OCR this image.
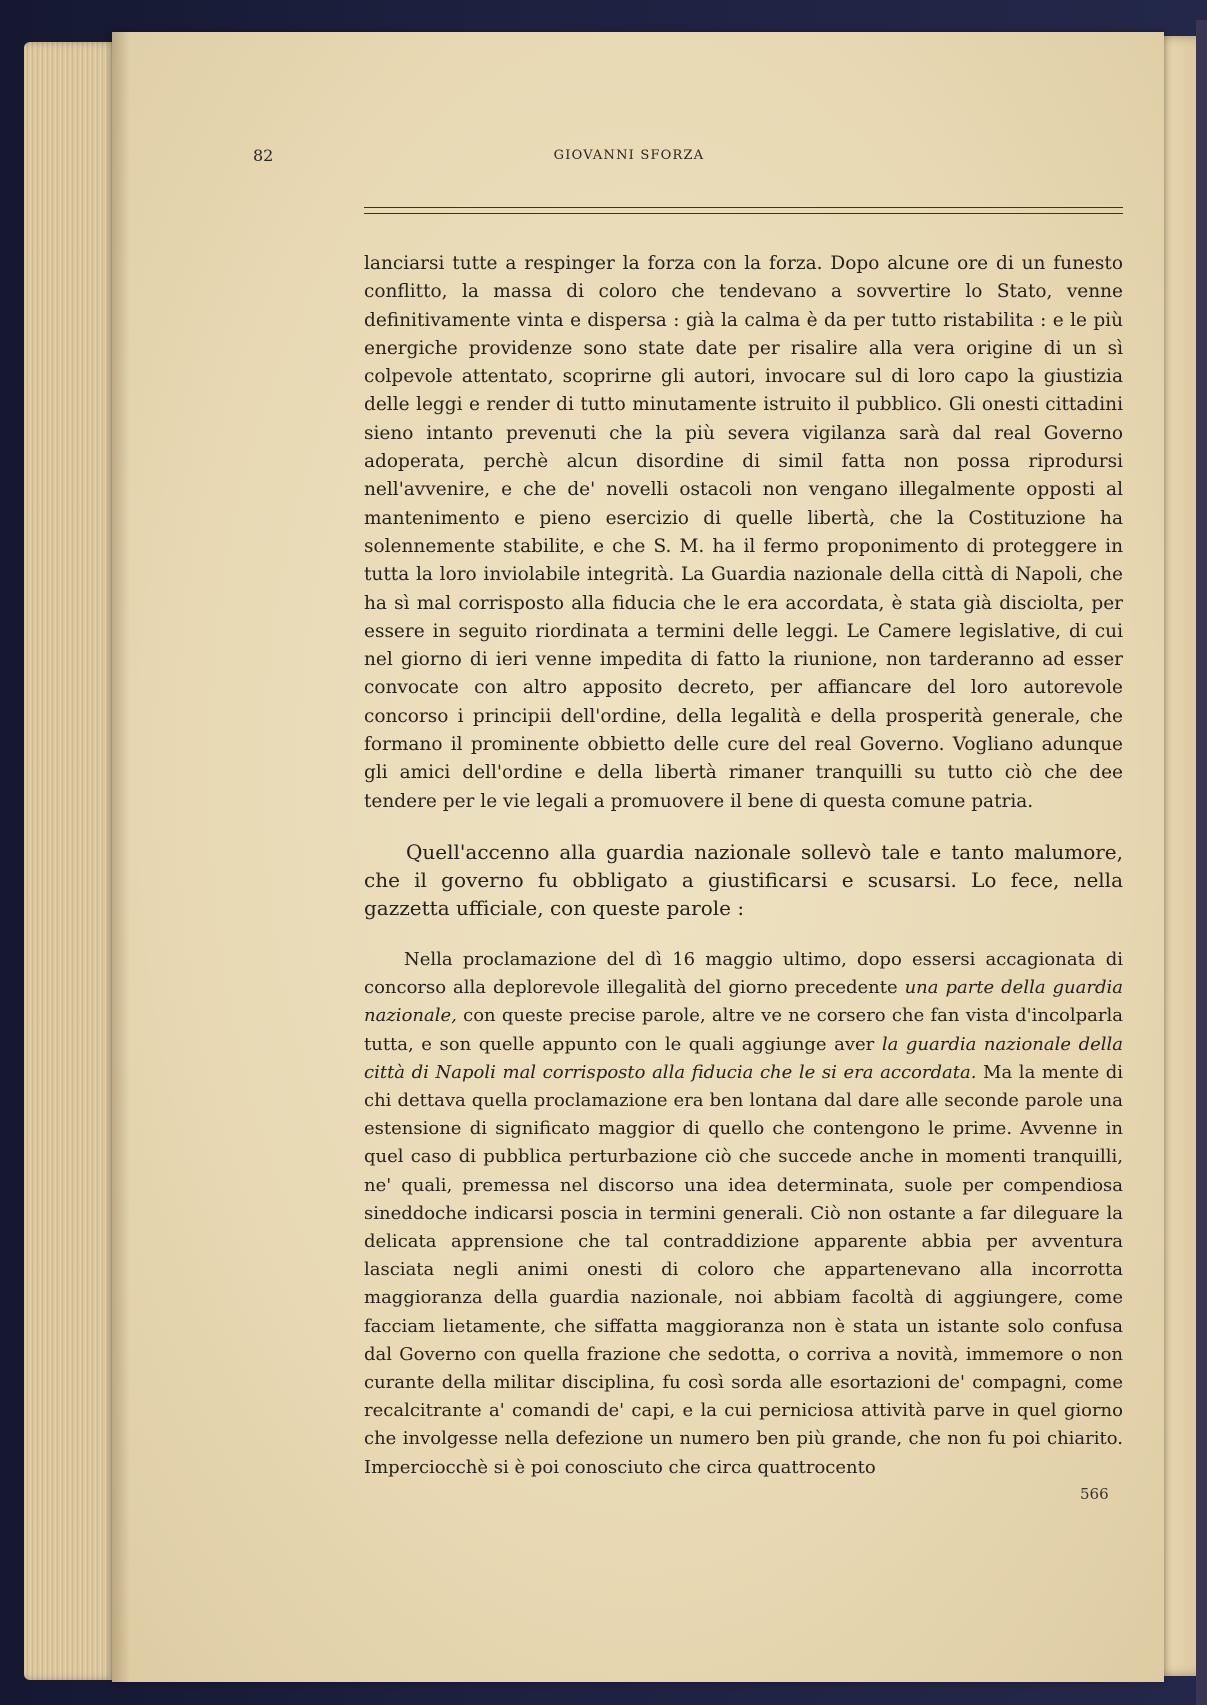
82	GIOVANNI SFORZA

lanciarsi tutte a respinger la forza con la forza. Dopo alcune ore di un funesto conflitto, la massa di coloro che tendevano a sovvertire lo Stato, venne definitivamente vinta e dispersa : già la calma è da per tutto ristabilita : e le più energiche providenze sono state date per risalire alla vera origine di un sì colpevole attentato, scoprirne gli autori, invocare sul di loro capo la giustizia delle leggi e render di tutto minutamente istruito il pubblico. Gli onesti cittadini sieno intanto prevenuti che la più severa vigilanza sarà dal real Governo adoperata, perchè alcun disordine di simil fatta non possa riprodursi nell'avvenire, e che de' novelli ostacoli non vengano illegalmente opposti al mantenimento e pieno esercizio di quelle libertà, che la Costituzione ha solennemente stabilite, e che S. M. ha il fermo proponimento di proteggere in tutta la loro inviolabile integrità. La Guardia nazionale della città di Napoli, che ha sì mal corrisposto alla fiducia che le era accordata, è stata già disciolta, per essere in seguito riordinata a termini delle leggi. Le Camere legislative, di cui nel giorno di ieri venne impedita di fatto la riunione, non tarderanno ad esser convocate con altro apposito decreto, per affiancare del loro autorevole concorso i principii dell'ordine, della legalità e della prosperità generale, che formano il prominente obbietto delle cure del real Governo. Vogliano adunque gli amici dell'ordine e della libertà rimaner tranquilli su tutto ciò che dee tendere per le vie legali a promuovere il bene di questa comune patria.

Quell'accenno alla guardia nazionale sollevò tale e tanto malumore, che il governo fu obbligato a giustificarsi e scusarsi. Lo fece, nella gazzetta ufficiale, con queste parole :

Nella proclamazione del dì 16 maggio ultimo, dopo essersi accagionata di concorso alla deplorevole illegalità del giorno precedente una parte della guardia nazionale, con queste precise parole, altre ve ne corsero che fan vista d'incolparla tutta, e son quelle appunto con le quali aggiunge aver la guardia nazionale della città di Napoli mal corrisposto alla fiducia che le si era accordata. Ma la mente di chi dettava quella proclamazione era ben lontana dal dare alle seconde parole una estensione di significato maggior di quello che contengono le prime. Avvenne in quel caso di pubblica perturbazione ciò che succede anche in momenti tranquilli, ne' quali, premessa nel discorso una idea determinata, suole per compendiosa sineddoche indicarsi poscia in termini generali. Ciò non ostante a far dileguare la delicata apprensione che tal contraddizione apparente abbia per avventura lasciata negli animi onesti di coloro che appartenevano alla incorrotta maggioranza della guardia nazionale, noi abbiam facoltà di aggiungere, come facciam lietamente, che siffatta maggioranza non è stata un istante solo confusa dal Governo con quella frazione che sedotta, o corriva a novità, immemore o non curante della militar disciplina, fu così sorda alle esortazioni de' compagni, come recalcitrante a' comandi de' capi, e la cui perniciosa attività parve in quel giorno che involgesse nella defezione un numero ben più grande, che non fu poi chiarito. Imperciocchè si è poi conosciuto che circa quattrocento

566
